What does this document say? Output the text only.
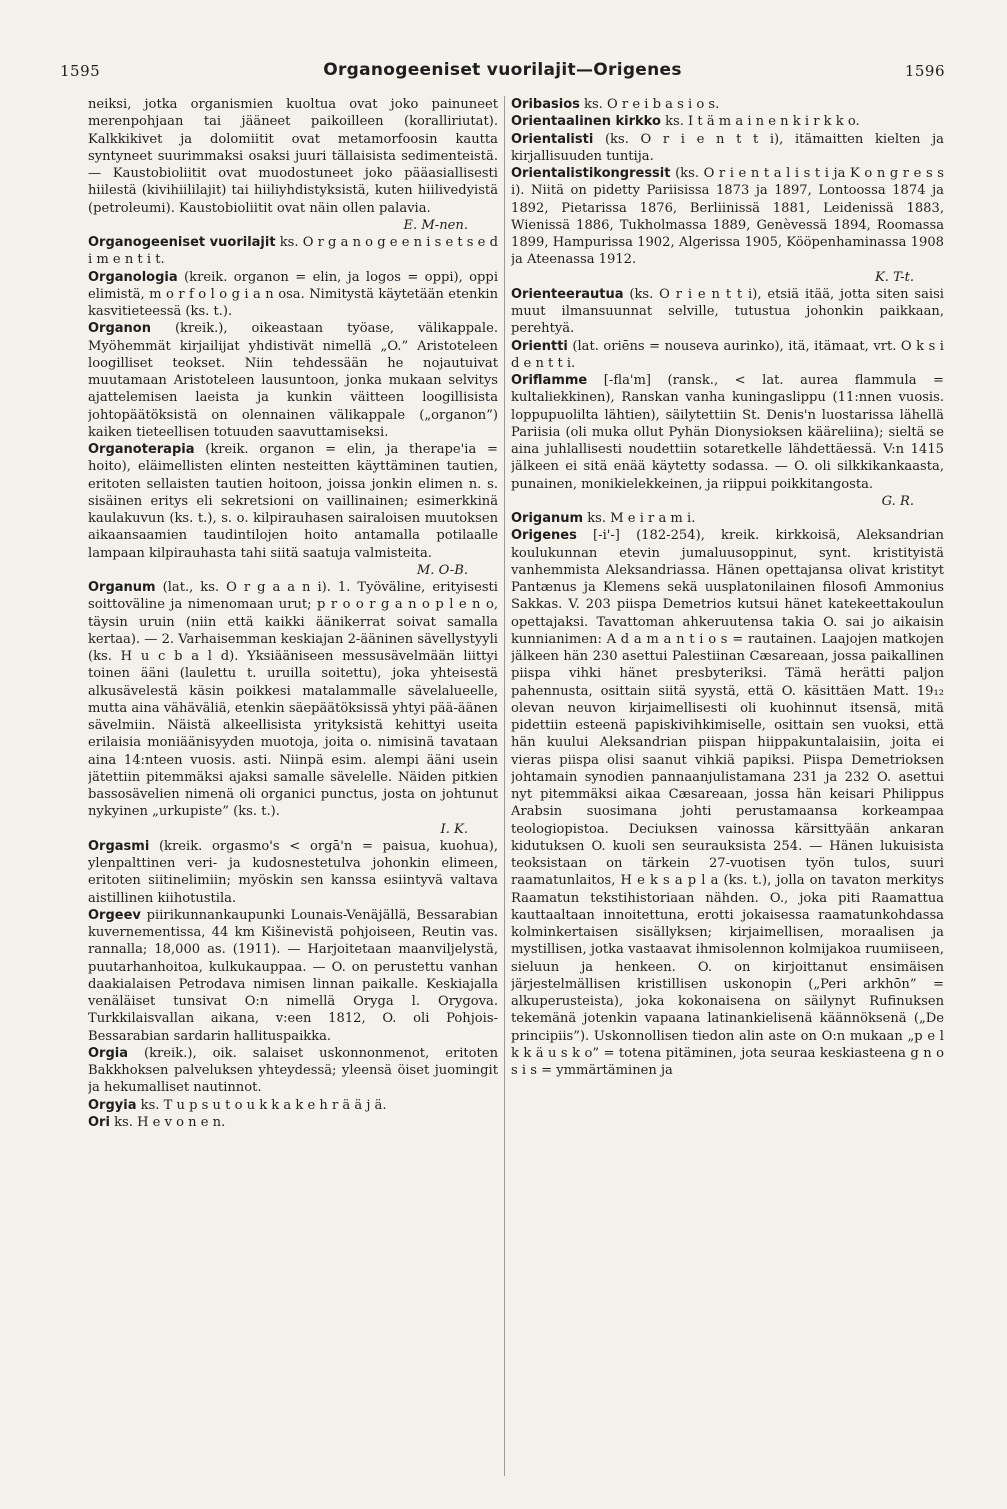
1595	Organogeeniset vuorilajit—Origenes	1596

neiksi, jotka organismien kuoltua ovat joko painuneet merenpohjaan tai jääneet paikoilleen (koralliriutat). Kalkkikivet ja dolomiitit ovat metamorfoosin kautta syntyneet suurimmaksi osaksi juuri tällaisista sedimenteistä. — Kaustobioliitit ovat muodostuneet joko pääasiallisesti hiilestä (kivihiililajit) tai hiiliyhdistyksistä, kuten hiilivedyistä (petroleumi). Kaustobioliitit ovat näin ollen palavia.
E. M-nen.

Organogeeniset vuorilajit ks. O r g a n o g e e n i s e t s e d i m e n t i t.

Organologia (kreik. organon = elin, ja logos = oppi), oppi elimistä, m o r f o l o g i a n osa. Nimitystä käytetään etenkin kasvitieteessä (ks. t.).

Organon (kreik.), oikeastaan työase, välikappale. Myöhemmät kirjailijat yhdistivät nimellä „O.” Aristoteleen loogilliset teokset. Niin tehdessään he nojautuivat muutamaan Aristoteleen lausuntoon, jonka mukaan selvitys ajattelemisen laeista ja kunkin väitteen loogillisista johtopäätöksistä on olennainen välikappale („organon”) kaiken tieteellisen totuuden saavuttamiseksi.

Organoterapia (kreik. organon = elin, ja therape'ia = hoito), eläimellisten elinten nesteitten käyttäminen tautien, eritoten sellaisten tautien hoitoon, joissa jonkin elimen n. s. sisäinen eritys eli sekretsioni on vaillinainen; esimerkkinä kaulakuvun (ks. t.), s. o. kilpirauhasen sairaloisen muutoksen aikaansaamien taudintilojen hoito antamalla potilaalle lampaan kilpirauhasta tahi siitä saatuja valmisteita.
M. O-B.

Organum (lat., ks. O r g a a n i). 1. Työväline, erityisesti soittoväline ja nimenomaan urut; p r o o r g a n o p l e n o, täysin uruin (niin että kaikki äänikerrat soivat samalla kertaa). — 2. Varhaisemman keskiajan 2-ääninen sävellystyyli (ks. H u c b a l d). Yksiääniseen messusävelmään liittyi toinen ääni (laulettu t. uruilla soitettu), joka yhteisestä alkusävelestä käsin poikkesi matalammalle sävelalueelle, mutta aina vähäväliä, etenkin säepäätöksissä yhtyi pää-äänen sävelmiin. Näistä alkeellisista yrityksistä kehittyi useita erilaisia moniäänisyyden muotoja, joita o. nimisinä tavataan aina 14:nteen vuosis. asti. Niinpä esim. alempi ääni usein jätettiin pitemmäksi ajaksi samalle sävelelle. Näiden pitkien bassosävelien nimenä oli organici punctus, josta on johtunut nykyinen „urkupiste” (ks. t.).
I. K.

Orgasmi (kreik. orgasmo's < orgā'n = paisua, kuohua), ylenpalttinen veri- ja kudosnestetulva johonkin elimeen, eritoten siitinelimiin; myöskin sen kanssa esiintyvä valtava aistillinen kiihotustila.

Orgeev piirikunnankaupunki Lounais-Venäjällä, Bessarabian kuvernementissa, 44 km Kišinevistä pohjoiseen, Reutin vas. rannalla; 18,000 as. (1911). — Harjoitetaan maanviljelystä, puutarhanhoitoa, kulkukauppaa. — O. on perustettu vanhan daakialaisen Petrodava nimisen linnan paikalle. Keskiajalla venäläiset tunsivat O:n nimellä Orygа l. Orygova. Turkkilaisvallan aikana, v:een 1812, O. oli Pohjois-Bessarabian sardarin hallituspaikka.

Orgia (kreik.), oik. salaiset uskonnonmenot, eritoten Bakkhoksen palveluksen yhteydessä; yleensä öiset juomingit ja hekumalliset nautinnot.

Orgyia ks. T u p s u t o u k k a k e h r ä ä j ä.

Ori ks. H e v o n e n.

Oribasios ks. O r e i b a s i o s.

Orientaalinen kirkko ks. I t ä m a i n e n k i r k k o.

Orientalisti (ks. O r i e n t t i), itämaitten kielten ja kirjallisuuden tuntija.

Orientalistikongressit (ks. O r i e n t a l i s t i ja K o n g r e s s i). Niitä on pidetty Pariisissa 1873 ja 1897, Lontoossa 1874 ja 1892, Pietarissa 1876, Berliinissä 1881, Leidenissä 1883, Wienissä 1886, Tukholmassa 1889, Genèvessä 1894, Roomassa 1899, Hampurissa 1902, Algerissa 1905, Kööpenhaminassa 1908 ja Ateenassa 1912.
K. T-t.

Orienteerautua (ks. O r i e n t t i), etsiä itää, jotta siten saisi muut ilmansuunnat selville, tutustua johonkin paikkaan, perehtyä.

Orientti (lat. oriēns = nouseva aurinko), itä, itämaat, vrt. O k s i d e n t t i.

Oriflamme [-fla'm] (ransk., < lat. aurea flammula = kultaliekkinen), Ranskan vanha kuningaslippu (11:nnen vuosis. loppupuolilta lähtien), säilytettiin St. Denis'n luostarissa lähellä Pariisia (oli muka ollut Pyhän Dionysioksen kääreliina); sieltä se aina juhlallisesti noudettiin sotaretkelle lähdettäessä. V:n 1415 jälkeen ei sitä enää käytetty sodassa. — O. oli silkkikankaasta, punainen, monikielekkeinen, ja riippui poikkitangosta.
G. R.

Origanum ks. M e i r a m i.

Origenes [-i'-] (182-254), kreik. kirkkoisä, Aleksandrian koulukunnan etevin jumaluusoppinut, synt. kristityistä vanhemmista Aleksandriassa. Hänen opettajansa olivat kristityt Pantænus ja Klemens sekä uusplatonilainen filosofi Ammonius Sakkas. V. 203 piispa Demetrios kutsui hänet katekeettakoulun opettajaksi. Tavattoman ahkeruutensa takia O. sai jo aikaisin kunnianimen: A d a m a n t i o s = rautainen. Laajojen matkojen jälkeen hän 230 asettui Palestiinan Cæsareaan, jossa paikallinen piispa vihki hänet presbyteriksi. Tämä herätti paljon pahennusta, osittain siitä syystä, että O. käsittäen Matt. 19₁₂ olevan neuvon kirjaimellisesti oli kuohinnut itsensä, mitä pidettiin esteenä papiskivihkimiselle, osittain sen vuoksi, että hän kuului Aleksandrian piispan hiippakuntalaisiin, joita ei vieras piispa olisi saanut vihkiä papiksi. Piispa Demetrioksen johtamain synodien pannaanjulistamana 231 ja 232 O. asettui nyt pitemmäksi aikaa Cæsareaan, jossa hän keisari Philippus Arabsin suosimana johti perustamaansa korkeampaa teologiopistoa. Deciuksen vainossa kärsittyään ankaran kidutuksen O. kuoli sen seurauksista 254. — Hänen lukuisista teoksistaan on tärkein 27-vuotisen työn tulos, suuri raamatunlaitos, H e k s a p l a (ks. t.), jolla on tavaton merkitys Raamatun tekstihistoriaan nähden. O., joka piti Raamattua kauttaaltaan innoitettuna, erotti jokaisessa raamatunkohdassa kolminkertaisen sisällyksen; kirjaimellisen, moraalisen ja mystillisen, jotka vastaavat ihmisolennon kolmijakoa ruumiiseen, sieluun ja henkeen. O. on kirjoittanut ensimäisen järjestelmällisen kristillisen uskonopin („Peri arkhōn” = alkuperusteista), joka kokonaisena on säilynyt Rufinuksen tekemänä jotenkin vapaana latinankielisenä käännöksenä („De principiis”). Uskonnollisen tiedon alin aste on O:n mukaan „p e l k k ä u s k o” = totena pitäminen, jota seuraa keskiasteena g n o s i s = ymmärtäminen ja
